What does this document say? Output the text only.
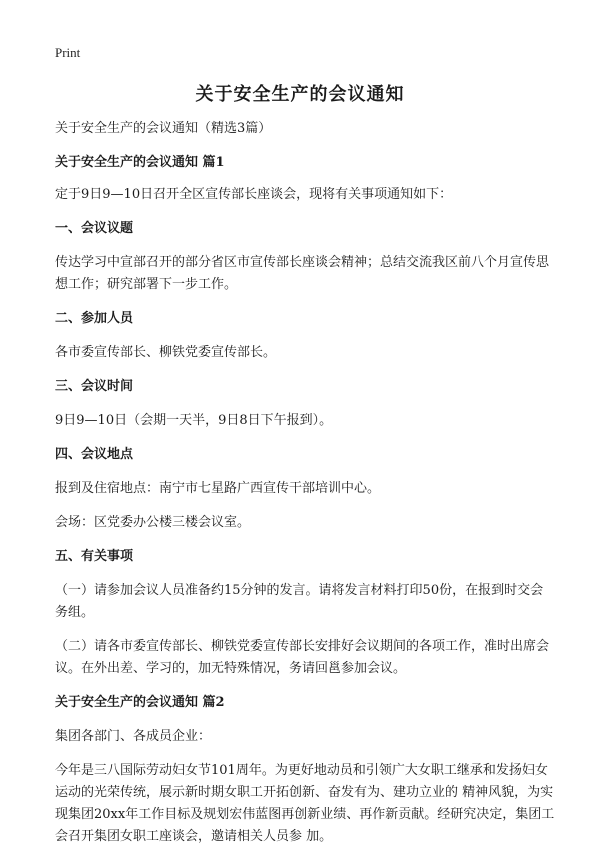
Print
关于安全生产的会议通知

关于安全生产的会议通知（精选3篇）

关于安全生产的会议通知 篇1

定于9日9—10日召开全区宣传部长座谈会，现将有关事项通知如下：

一、会议议题

传达学习中宣部召开的部分省区市宣传部长座谈会精神；总结交流我区前八个月宣传思想工作；研究部署下一步工作。

二、参加人员

各市委宣传部长、柳铁党委宣传部长。

三、会议时间

9日9—10日（会期一天半，9日8日下午报到）。

四、会议地点

报到及住宿地点：南宁市七星路广西宣传干部培训中心。

会场：区党委办公楼三楼会议室。

五、有关事项

（一）请参加会议人员准备约15分钟的发言。请将发言材料打印50份，在报到时交会务组。

（二）请各市委宣传部长、柳铁党委宣传部长安排好会议期间的各项工作，准时出席会议。在外出差、学习的，加无特殊情况，务请回邕参加会议。

关于安全生产的会议通知 篇2

集团各部门、各成员企业：

今年是三八国际劳动妇女节101周年。为更好地动员和引领广大女职工继承和发扬妇女运动的光荣传统，展示新时期女职工开拓创新、奋发有为、建功立业的 精神风貌，为实现集团20xx年工作目标及规划宏伟蓝图再创新业绩、再作新贡献。经研究决定，集团工会召开集团女职工座谈会，邀请相关人员参 加。
